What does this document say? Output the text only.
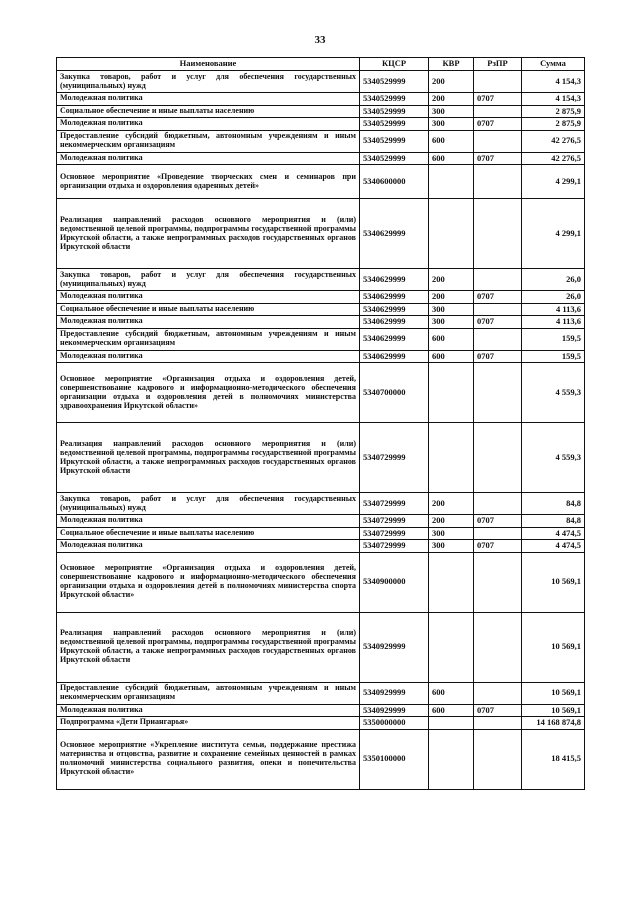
33
Наименование	КЦСР	КВР	РзПР	Сумма
Закупка товаров, работ и услуг для обеспечения государственных (муниципальных) нужд	5340529999	200		4 154,3
Молодежная политика	5340529999	200	0707	4 154,3
Социальное обеспечение и иные выплаты населению	5340529999	300		2 875,9
Молодежная политика	5340529999	300	0707	2 875,9
Предоставление субсидий бюджетным, автономным учреждениям и иным некоммерческим организациям	5340529999	600		42 276,5
Молодежная политика	5340529999	600	0707	42 276,5
Основное мероприятие «Проведение творческих смен и семинаров при организации отдыха и оздоровления одаренных детей»	5340600000			4 299,1
Реализация направлений расходов основного мероприятия и (или) ведомственной целевой программы, подпрограммы государственной программы Иркутской области, а также непрограммных расходов государственных органов Иркутской области	5340629999			4 299,1
Закупка товаров, работ и услуг для обеспечения государственных (муниципальных) нужд	5340629999	200		26,0
Молодежная политика	5340629999	200	0707	26,0
Социальное обеспечение и иные выплаты населению	5340629999	300		4 113,6
Молодежная политика	5340629999	300	0707	4 113,6
Предоставление субсидий бюджетным, автономным учреждениям и иным некоммерческим организациям	5340629999	600		159,5
Молодежная политика	5340629999	600	0707	159,5
Основное мероприятие «Организация отдыха и оздоровления детей, совершенствование кадрового и информационно-методического обеспечения организации отдыха и оздоровления детей в полномочиях министерства здравоохранения Иркутской области»	5340700000			4 559,3
Реализация направлений расходов основного мероприятия и (или) ведомственной целевой программы, подпрограммы государственной программы Иркутской области, а также непрограммных расходов государственных органов Иркутской области	5340729999			4 559,3
Закупка товаров, работ и услуг для обеспечения государственных (муниципальных) нужд	5340729999	200		84,8
Молодежная политика	5340729999	200	0707	84,8
Социальное обеспечение и иные выплаты населению	5340729999	300		4 474,5
Молодежная политика	5340729999	300	0707	4 474,5
Основное мероприятие «Организация отдыха и оздоровления детей, совершенствование кадрового и информационно-методического обеспечения организации отдыха и оздоровления детей в полномочиях министерства спорта Иркутской области»	5340900000			10 569,1
Реализация направлений расходов основного мероприятия и (или) ведомственной целевой программы, подпрограммы государственной программы Иркутской области, а также непрограммных расходов государственных органов Иркутской области	5340929999			10 569,1
Предоставление субсидий бюджетным, автономным учреждениям и иным некоммерческим организациям	5340929999	600		10 569,1
Молодежная политика	5340929999	600	0707	10 569,1
Подпрограмма «Дети Приангарья»	5350000000			14 168 874,8
Основное мероприятие «Укрепление института семьи, поддержание престижа материнства и отцовства, развитие и сохранение семейных ценностей в рамках полномочий министерства социального развития, опеки и попечительства Иркутской области»	5350100000			18 415,5
